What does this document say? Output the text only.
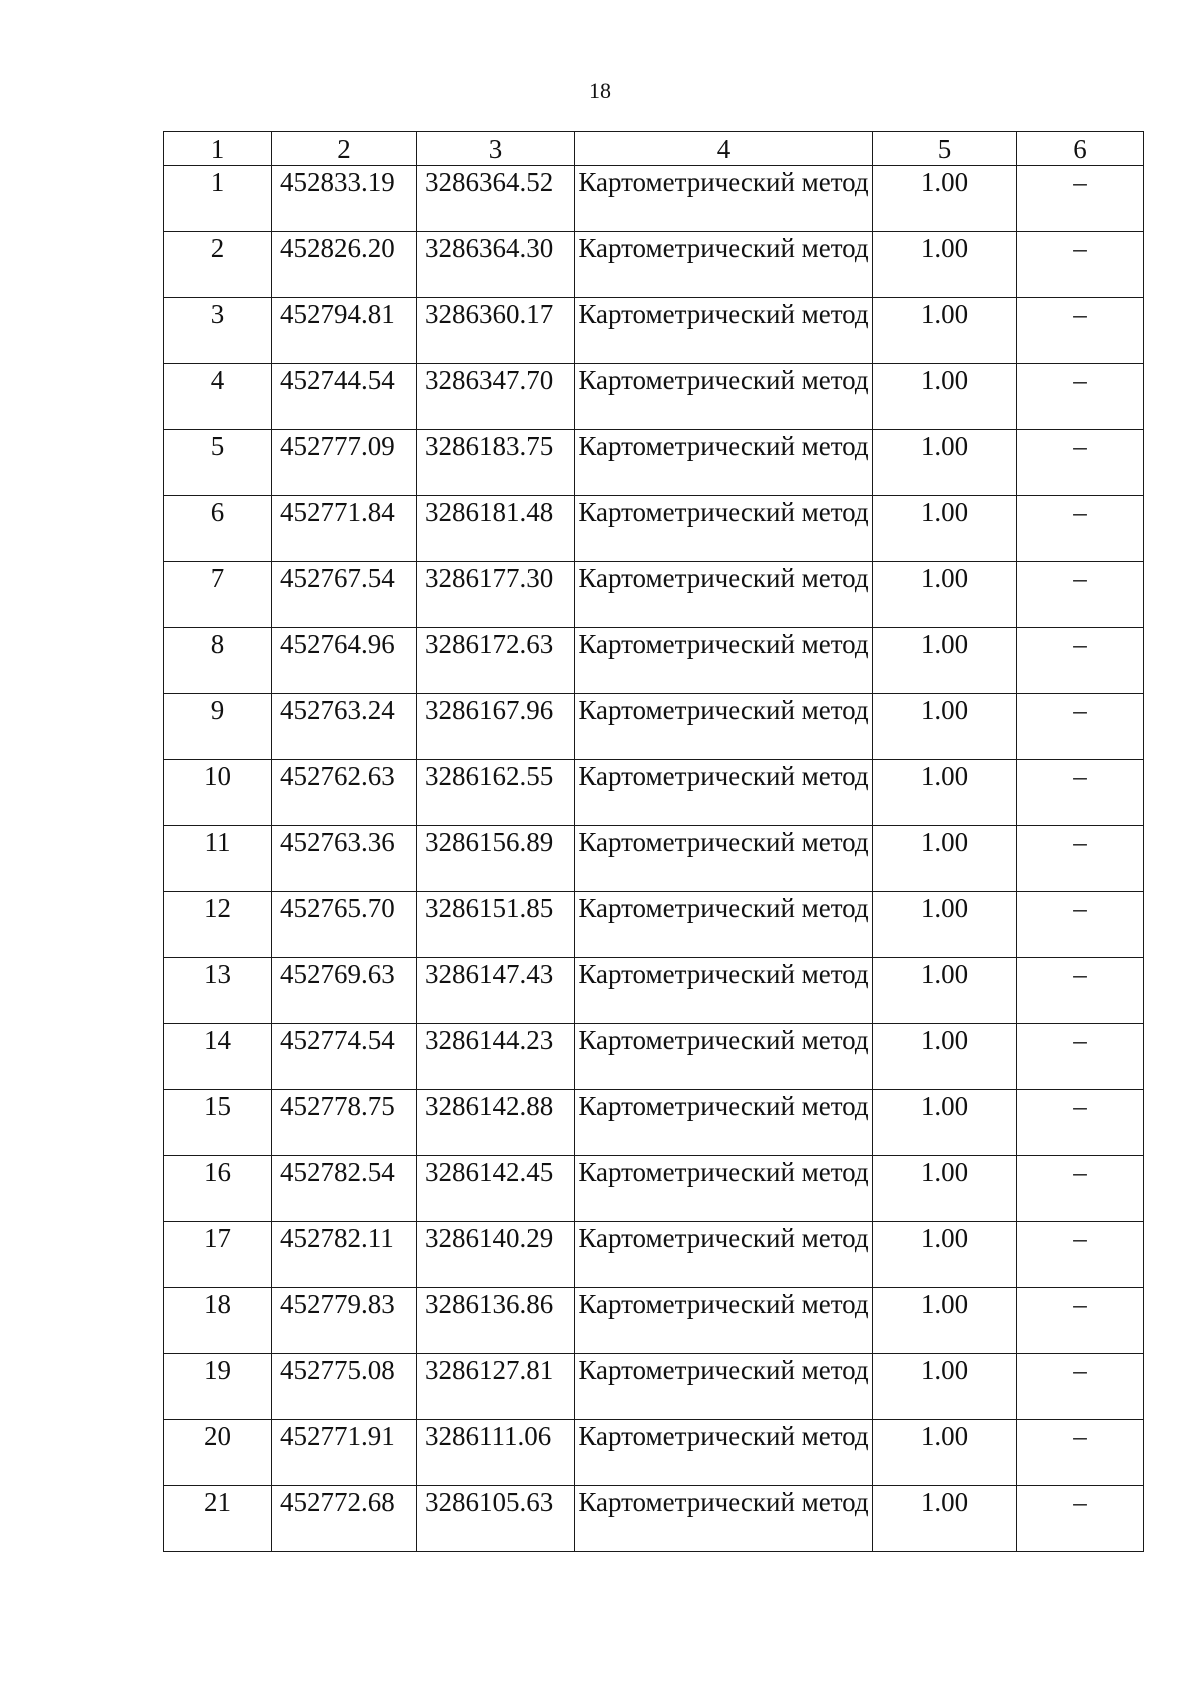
18
1	2	3	4	5	6
1	452833.19	3286364.52	Картометрический метод	1.00	–
2	452826.20	3286364.30	Картометрический метод	1.00	–
3	452794.81	3286360.17	Картометрический метод	1.00	–
4	452744.54	3286347.70	Картометрический метод	1.00	–
5	452777.09	3286183.75	Картометрический метод	1.00	–
6	452771.84	3286181.48	Картометрический метод	1.00	–
7	452767.54	3286177.30	Картометрический метод	1.00	–
8	452764.96	3286172.63	Картометрический метод	1.00	–
9	452763.24	3286167.96	Картометрический метод	1.00	–
10	452762.63	3286162.55	Картометрический метод	1.00	–
11	452763.36	3286156.89	Картометрический метод	1.00	–
12	452765.70	3286151.85	Картометрический метод	1.00	–
13	452769.63	3286147.43	Картометрический метод	1.00	–
14	452774.54	3286144.23	Картометрический метод	1.00	–
15	452778.75	3286142.88	Картометрический метод	1.00	–
16	452782.54	3286142.45	Картометрический метод	1.00	–
17	452782.11	3286140.29	Картометрический метод	1.00	–
18	452779.83	3286136.86	Картометрический метод	1.00	–
19	452775.08	3286127.81	Картометрический метод	1.00	–
20	452771.91	3286111.06	Картометрический метод	1.00	–
21	452772.68	3286105.63	Картометрический метод	1.00	–
